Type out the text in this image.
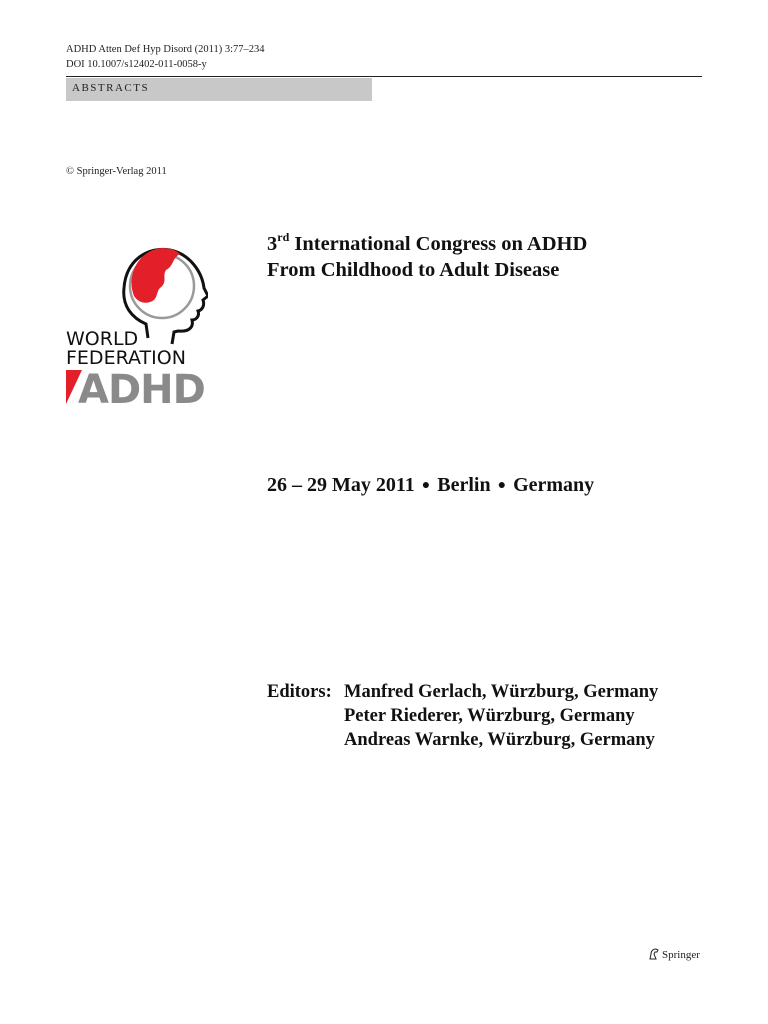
ADHD Atten Def Hyp Disord (2011) 3:77–234
DOI 10.1007/s12402-011-0058-y
ABSTRACTS
© Springer-Verlag 2011
WORLD
FEDERATION
ADHD
3rd International Congress on ADHD
From Childhood to Adult Disease
26 – 29 May 2011 ● Berlin ● Germany
Editors: Manfred Gerlach, Würzburg, Germany
Peter Riederer, Würzburg, Germany
Andreas Warnke, Würzburg, Germany
Springer
